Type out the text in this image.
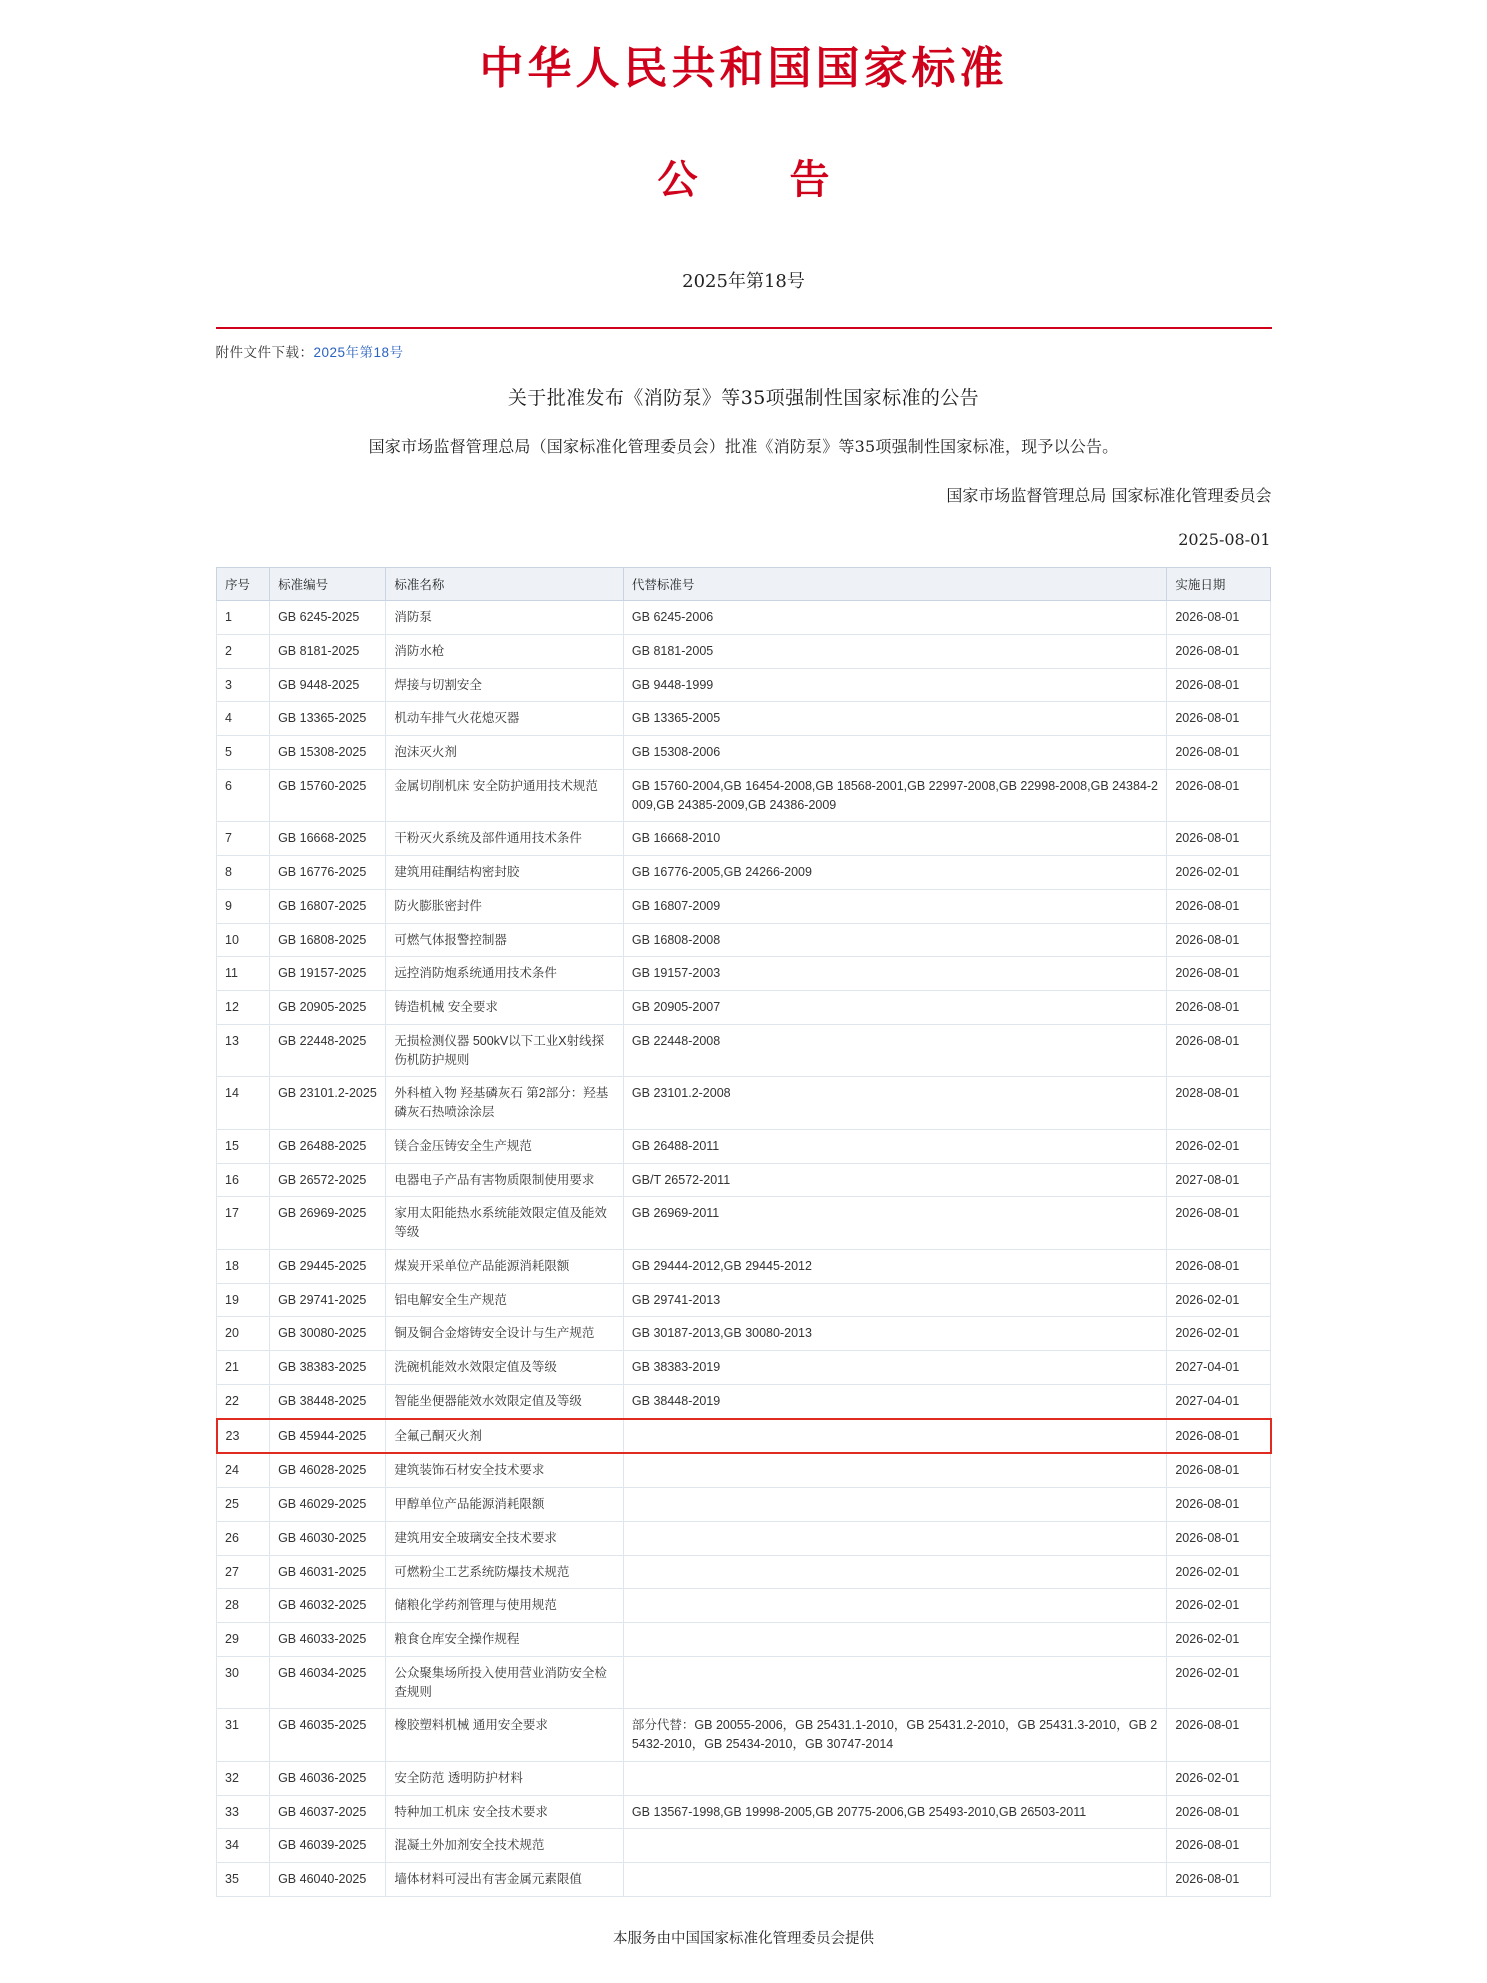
中华人民共和国国家标准
公　告
2025年第18号
附件文件下载：2025年第18号
关于批准发布《消防泵》等35项强制性国家标准的公告
国家市场监督管理总局（国家标准化管理委员会）批准《消防泵》等35项强制性国家标准，现予以公告。
国家市场监督管理总局 国家标准化管理委员会
2025-08-01
序号	标准编号	标准名称	代替标准号	实施日期
1	GB 6245-2025	消防泵	GB 6245-2006	2026-08-01
2	GB 8181-2025	消防水枪	GB 8181-2005	2026-08-01
3	GB 9448-2025	焊接与切割安全	GB 9448-1999	2026-08-01
4	GB 13365-2025	机动车排气火花熄灭器	GB 13365-2005	2026-08-01
5	GB 15308-2025	泡沫灭火剂	GB 15308-2006	2026-08-01
6	GB 15760-2025	金属切削机床 安全防护通用技术规范	GB 15760-2004,GB 16454-2008,GB 18568-2001,GB 22997-2008,GB 22998-2008,GB 24384-2009,GB 24385-2009,GB 24386-2009	2026-08-01
7	GB 16668-2025	干粉灭火系统及部件通用技术条件	GB 16668-2010	2026-08-01
8	GB 16776-2025	建筑用硅酮结构密封胶	GB 16776-2005,GB 24266-2009	2026-02-01
9	GB 16807-2025	防火膨胀密封件	GB 16807-2009	2026-08-01
10	GB 16808-2025	可燃气体报警控制器	GB 16808-2008	2026-08-01
11	GB 19157-2025	远控消防炮系统通用技术条件	GB 19157-2003	2026-08-01
12	GB 20905-2025	铸造机械 安全要求	GB 20905-2007	2026-08-01
13	GB 22448-2025	无损检测仪器 500kV以下工业X射线探伤机防护规则	GB 22448-2008	2026-08-01
14	GB 23101.2-2025	外科植入物 羟基磷灰石 第2部分：羟基磷灰石热喷涂涂层	GB 23101.2-2008	2028-08-01
15	GB 26488-2025	镁合金压铸安全生产规范	GB 26488-2011	2026-02-01
16	GB 26572-2025	电器电子产品有害物质限制使用要求	GB/T 26572-2011	2027-08-01
17	GB 26969-2025	家用太阳能热水系统能效限定值及能效等级	GB 26969-2011	2026-08-01
18	GB 29445-2025	煤炭开采单位产品能源消耗限额	GB 29444-2012,GB 29445-2012	2026-08-01
19	GB 29741-2025	铝电解安全生产规范	GB 29741-2013	2026-02-01
20	GB 30080-2025	铜及铜合金熔铸安全设计与生产规范	GB 30187-2013,GB 30080-2013	2026-02-01
21	GB 38383-2025	洗碗机能效水效限定值及等级	GB 38383-2019	2027-04-01
22	GB 38448-2025	智能坐便器能效水效限定值及等级	GB 38448-2019	2027-04-01
23	GB 45944-2025	全氟己酮灭火剂		2026-08-01
24	GB 46028-2025	建筑装饰石材安全技术要求		2026-08-01
25	GB 46029-2025	甲醇单位产品能源消耗限额		2026-08-01
26	GB 46030-2025	建筑用安全玻璃安全技术要求		2026-08-01
27	GB 46031-2025	可燃粉尘工艺系统防爆技术规范		2026-02-01
28	GB 46032-2025	储粮化学药剂管理与使用规范		2026-02-01
29	GB 46033-2025	粮食仓库安全操作规程		2026-02-01
30	GB 46034-2025	公众聚集场所投入使用营业消防安全检查规则		2026-02-01
31	GB 46035-2025	橡胶塑料机械 通用安全要求	部分代替：GB 20055-2006，GB 25431.1-2010，GB 25431.2-2010，GB 25431.3-2010，GB 25432-2010，GB 25434-2010，GB 30747-2014	2026-08-01
32	GB 46036-2025	安全防范 透明防护材料		2026-02-01
33	GB 46037-2025	特种加工机床 安全技术要求	GB 13567-1998,GB 19998-2005,GB 20775-2006,GB 25493-2010,GB 26503-2011	2026-08-01
34	GB 46039-2025	混凝土外加剂安全技术规范		2026-08-01
35	GB 46040-2025	墙体材料可浸出有害金属元素限值		2026-08-01
本服务由中国国家标准化管理委员会提供
